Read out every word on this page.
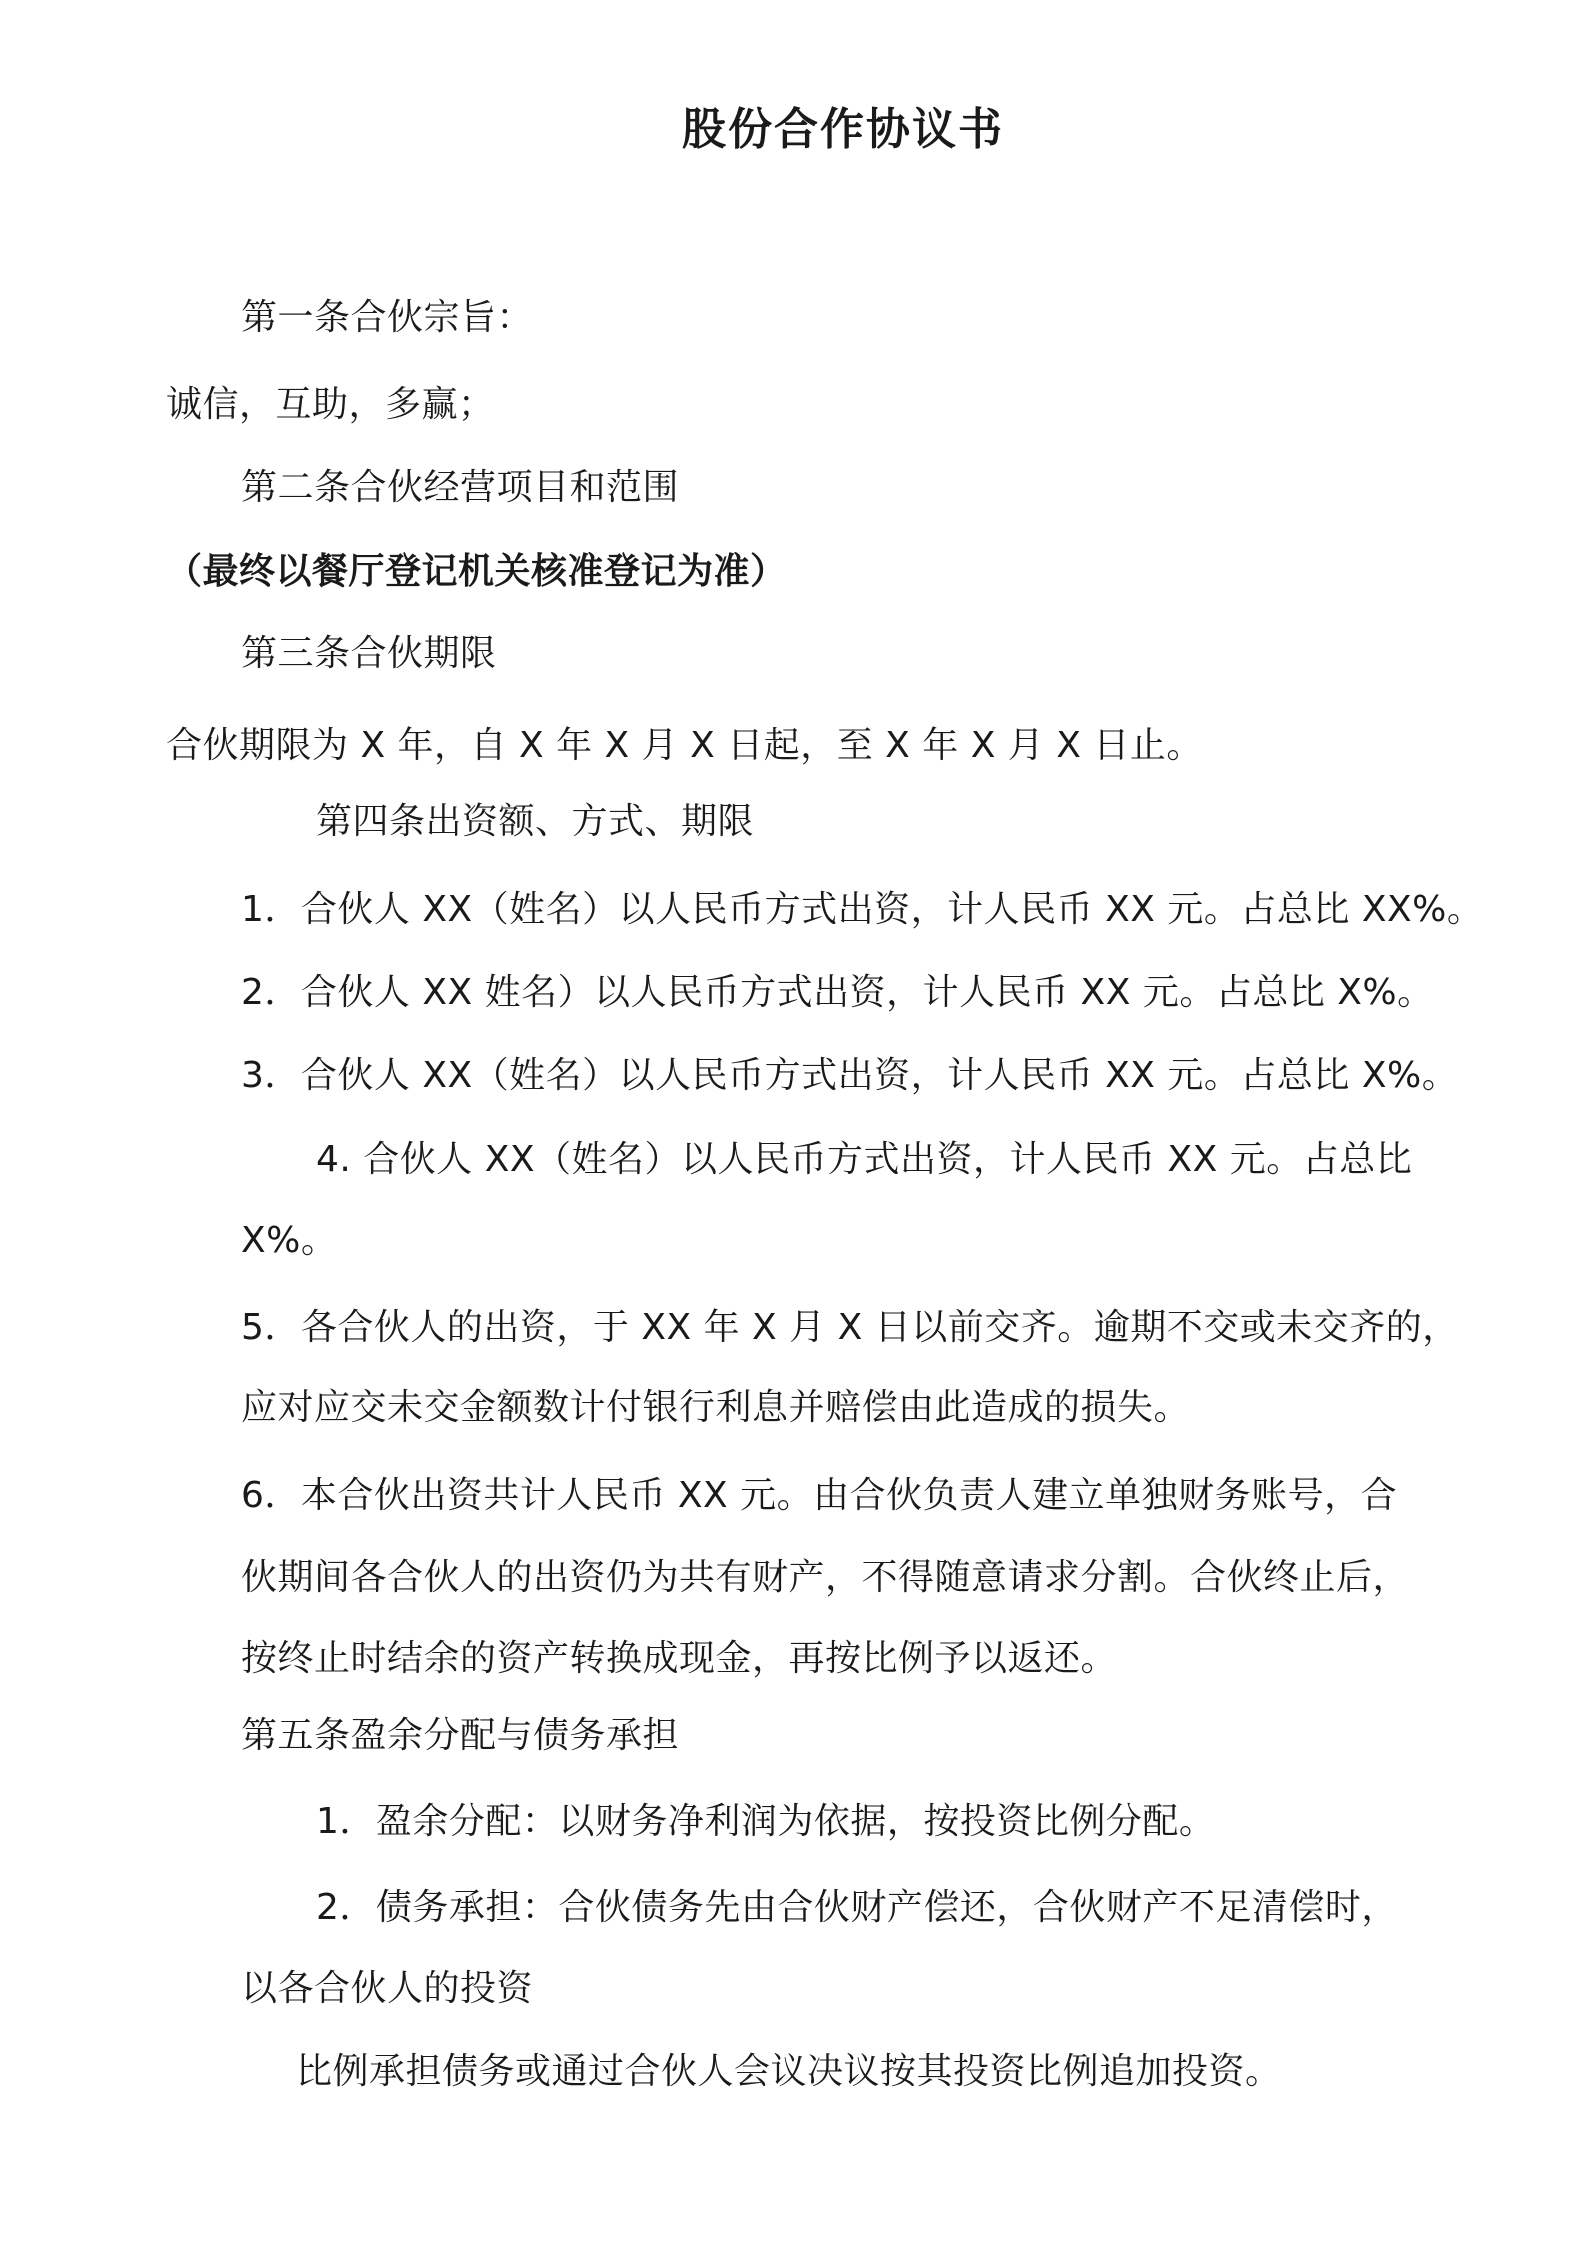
股份合作协议书
第一条合伙宗旨：
诚信，互助，多赢；
第二条合伙经营项目和范围
（最终以餐厅登记机关核准登记为准）
第三条合伙期限
合伙期限为 X 年，自 X 年 X 月 X 日起，至 X 年 X 月 X 日止。
第四条出资额、方式、期限
1．合伙人 XX（姓名）以人民币方式出资，计人民币 XX 元。占总比 XX%。
2．合伙人 XX 姓名）以人民币方式出资，计人民币 XX 元。占总比 X%。
3．合伙人 XX（姓名）以人民币方式出资，计人民币 XX 元。占总比 X%。
4. 合伙人 XX（姓名）以人民币方式出资，计人民币 XX 元。占总比
X%。
5．各合伙人的出资，于 XX 年 X 月 X 日以前交齐。逾期不交或未交齐的，
应对应交未交金额数计付银行利息并赔偿由此造成的损失。
6．本合伙出资共计人民币 XX 元。由合伙负责人建立单独财务账号，合
伙期间各合伙人的出资仍为共有财产，不得随意请求分割。合伙终止后，
按终止时结余的资产转换成现金，再按比例予以返还。
第五条盈余分配与债务承担
1．盈余分配：以财务净利润为依据，按投资比例分配。
2．债务承担：合伙债务先由合伙财产偿还，合伙财产不足清偿时，
以各合伙人的投资
比例承担债务或通过合伙人会议决议按其投资比例追加投资。
